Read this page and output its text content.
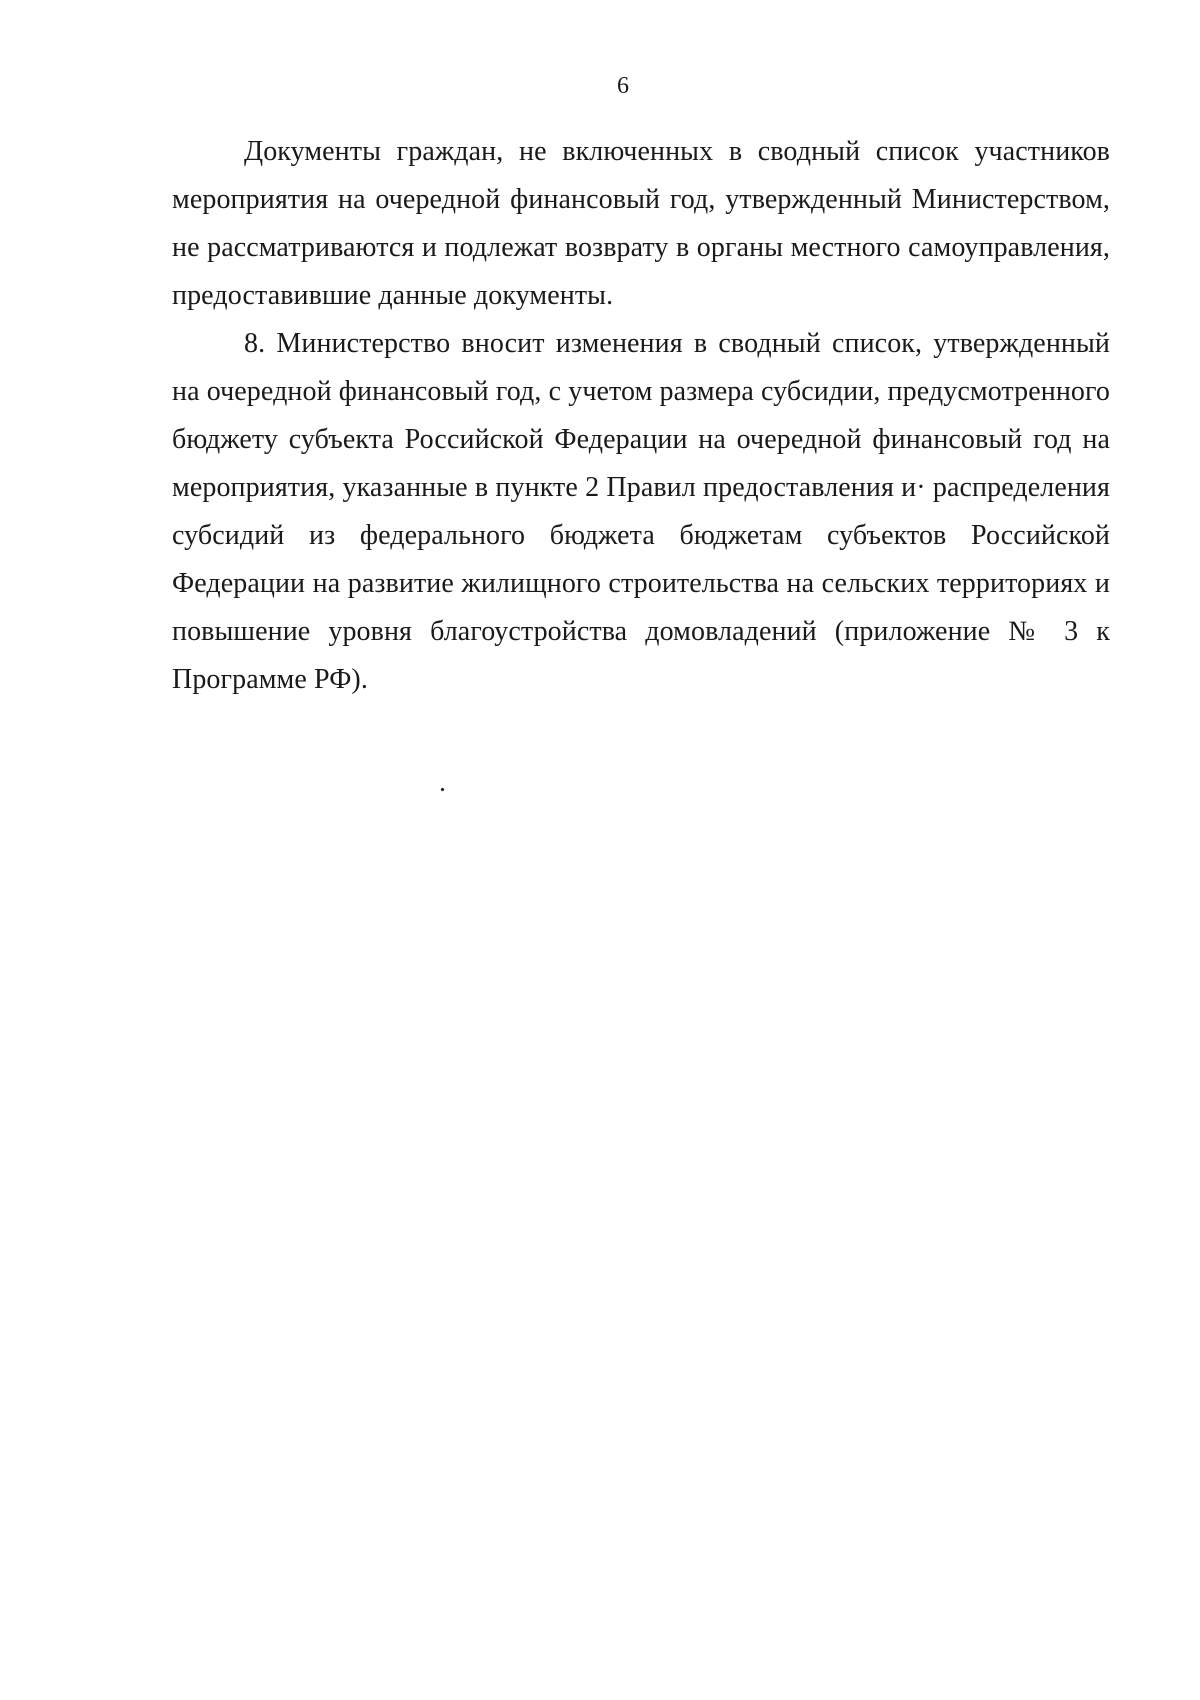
6

Документы граждан, не включенных в сводный список участников мероприятия на очередной финансовый год, утвержденный Министерством, не рассматриваются и подлежат возврату в органы местного самоуправления, предоставившие данные документы.

8. Министерство вносит изменения в сводный список, утвержденный на очередной финансовый год, с учетом размера субсидии, предусмотренного бюджету субъекта Российской Федерации на очередной финансовый год на мероприятия, указанные в пункте 2 Правил предоставления и· распределения субсидий из федерального бюджета бюджетам субъектов Российской Федерации на развитие жилищного строительства на сельских территориях и повышение уровня благоустройства домовладений (приложение № 3 к Программе РФ).
